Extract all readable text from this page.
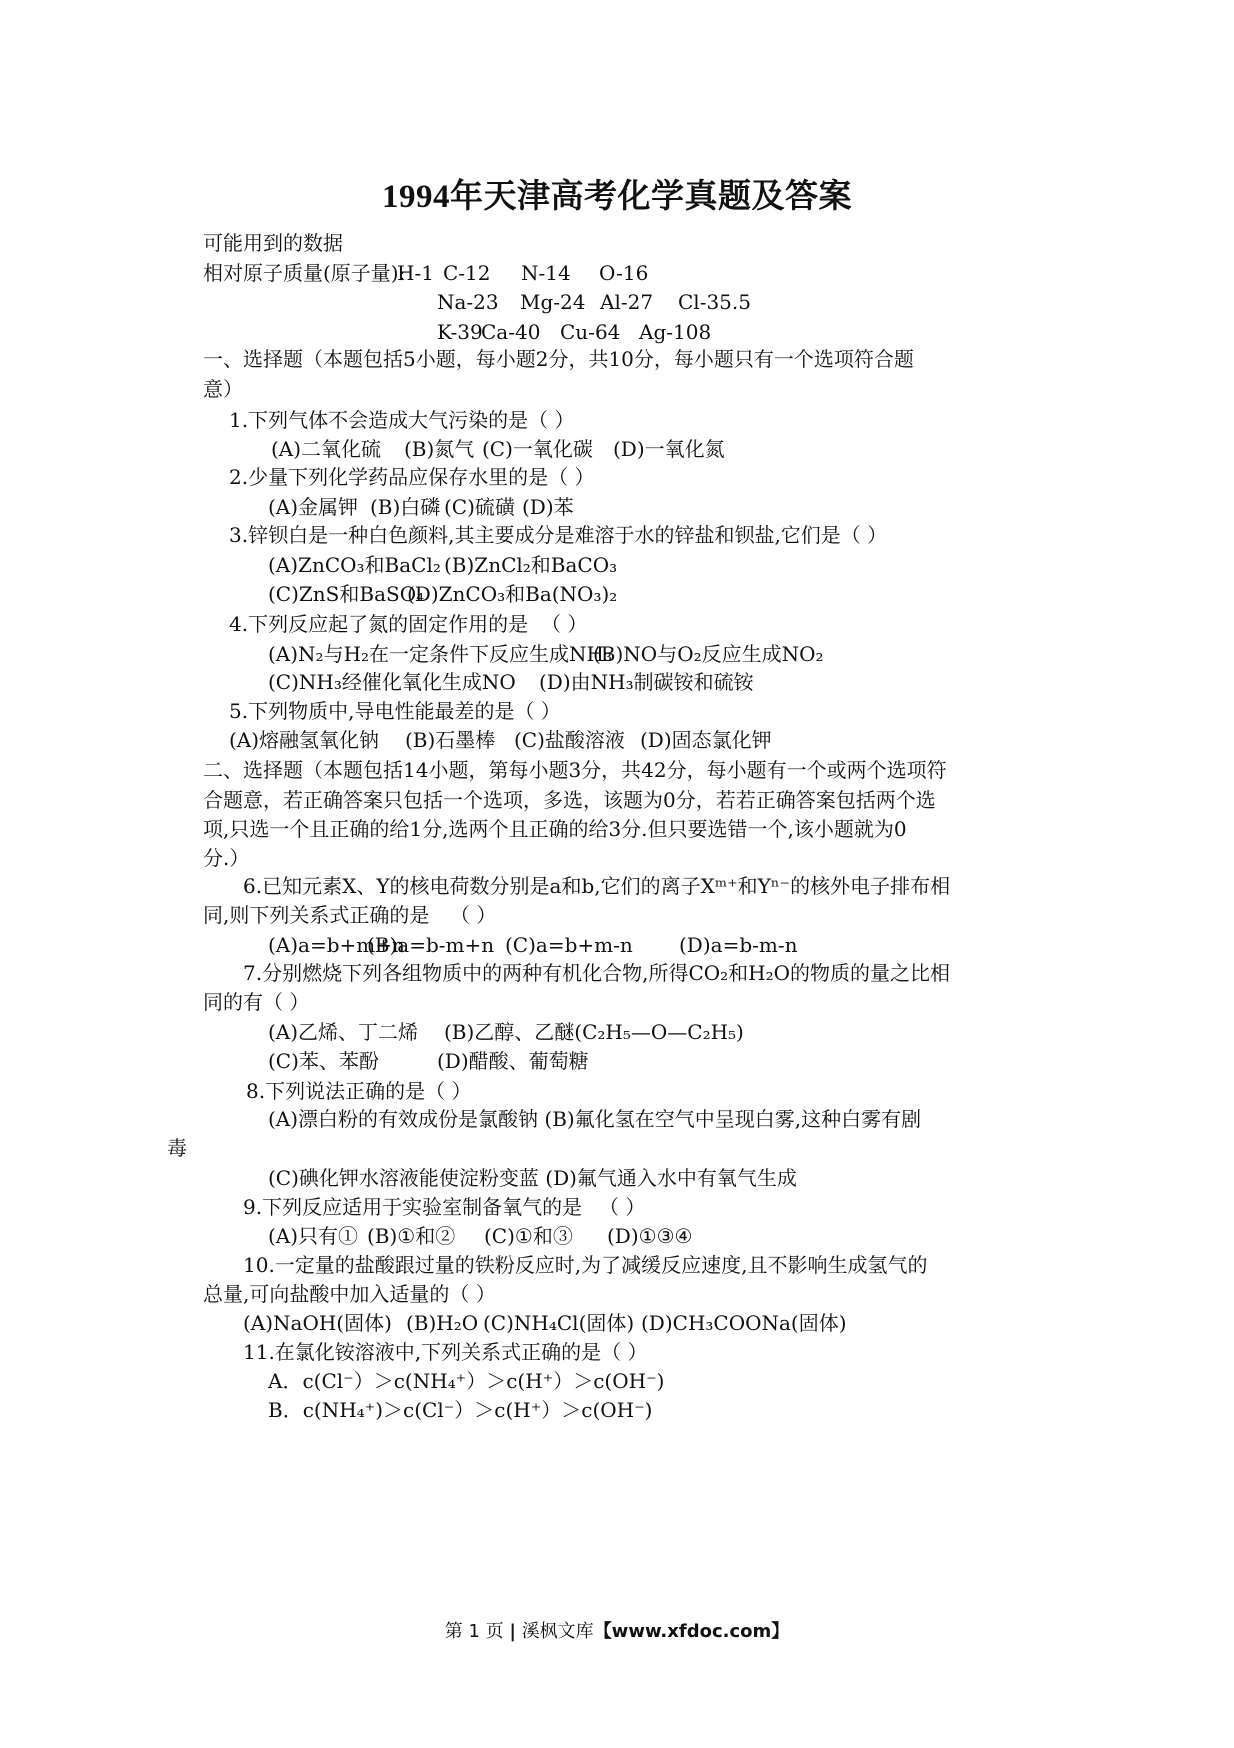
1994年天津高考化学真题及答案
可能用到的数据
相对原子质量(原子量):
H-1 C-12 N-14 O-16
Na-23 Mg-24 Al-27 Cl-35.5
K-39
Ca-40 Cu-64 Ag-108
一、选择题（本题包括5小题，每小题2分，共10分，每小题只有一个选项符合题
意）
1.下列气体不会造成大气污染的是（ ）
(A)二氧化硫 (B)氮气 (C)一氧化碳 (D)一氧化氮
2.少量下列化学药品应保存水里的是（ ）
(A)金属钾 (B)白磷 (C)硫磺 (D)苯
3.锌钡白是一种白色颜料,其主要成分是难溶于水的锌盐和钡盐,它们是（ ）
(A)ZnCO₃和BaCl₂ (B)ZnCl₂和BaCO₃
(C)ZnS和BaSO₄
(D)ZnCO₃和Ba(NO₃)₂
4.下列反应起了氮的固定作用的是 （ ）
(A)N₂与H₂在一定条件下反应生成NH₃
(B)NO与O₂反应生成NO₂
(C)NH₃经催化氧化生成NO (D)由NH₃制碳铵和硫铵
5.下列物质中,导电性能最差的是（ ）
(A)熔融氢氧化钠 (B)石墨棒 (C)盐酸溶液 (D)固态氯化钾
二、选择题（本题包括14小题，第每小题3分，共42分，每小题有一个或两个选项符
合题意，若正确答案只包括一个选项，多选，该题为0分，若若正确答案包括两个选
项,只选一个且正确的给1分,选两个且正确的给3分.但只要选错一个,该小题就为0
分.）
6.已知元素X、Y的核电荷数分别是a和b,它们的离子Xᵐ⁺和Yⁿ⁻的核外电子排布相
同,则下列关系式正确的是 （ ）
(A)a=b+m+n
(B)a=b-m+n (C)a=b+m-n (D)a=b-m-n
7.分别燃烧下列各组物质中的两种有机化合物,所得CO₂和H₂O的物质的量之比相
同的有（ ）
(A)乙烯、丁二烯 (B)乙醇、乙醚(C₂H₅—O—C₂H₅)
(C)苯、苯酚	(D)醋酸、葡萄糖
8.下列说法正确的是（ ）
(A)漂白粉的有效成份是氯酸钠 (B)氟化氢在空气中呈现白雾,这种白雾有剧
毒
(C)碘化钾水溶液能使淀粉变蓝 (D)氟气通入水中有氧气生成
9.下列反应适用于实验室制备氧气的是 （ ）
(A)只有① (B)①和② (C)①和③ (D)①③④
10.一定量的盐酸跟过量的铁粉反应时,为了减缓反应速度,且不影响生成氢气的
总量,可向盐酸中加入适量的（ ）
(A)NaOH(固体) (B)H₂O (C)NH₄Cl(固体) (D)CH₃COONa(固体)
11.在氯化铵溶液中,下列关系式正确的是（ ）
A．c(Cl⁻）＞c(NH₄⁺）＞c(H⁺）＞c(OH⁻)
B．c(NH₄⁺)＞c(Cl⁻）＞c(H⁺）＞c(OH⁻)
第 1 页 | 溪枫文库【www.xfdoc.com】
